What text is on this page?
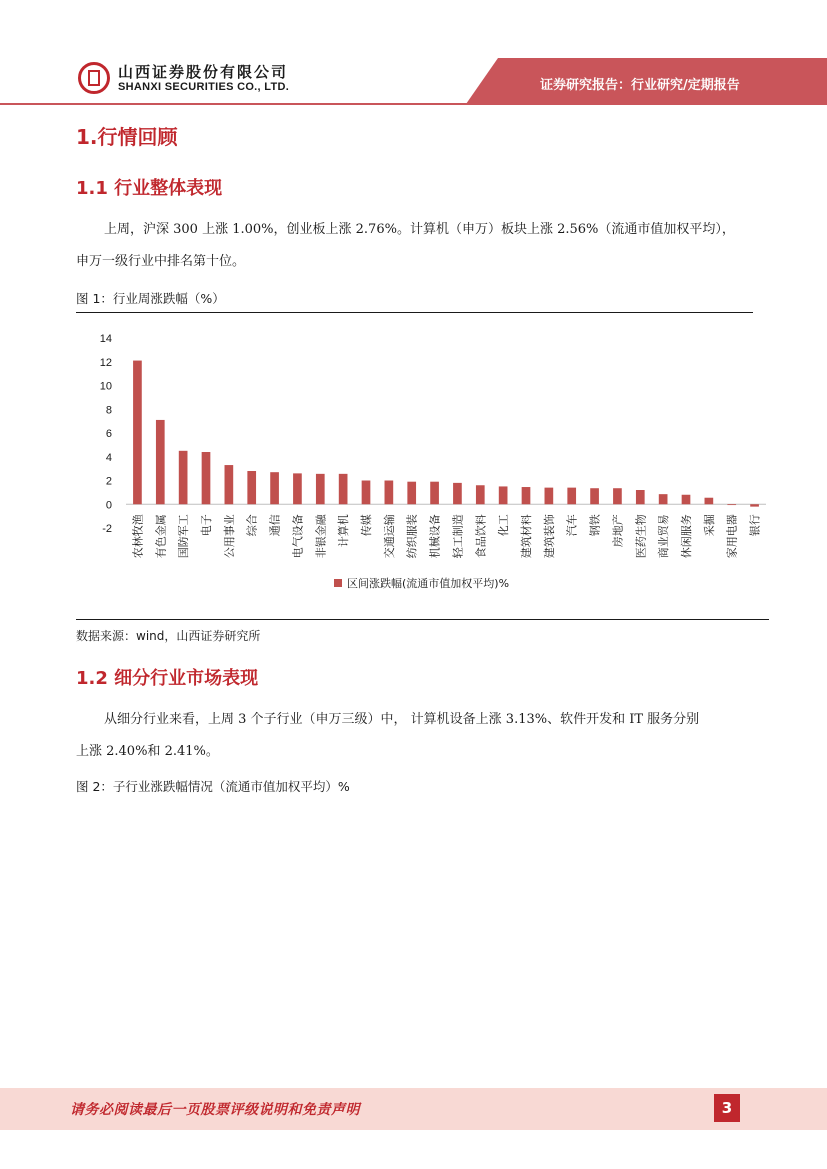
山西证券股份有限公司
SHANXI SECURITIES CO., LTD.	证券研究报告：行业研究/定期报告
1.行情回顾
1.1 行业整体表现
上周，沪深 300 上涨 1.00%，创业板上涨 2.76%。计算机（申万）板块上涨 2.56%（流通市值加权平均），
申万一级行业中排名第十位。
图 1：行业周涨跌幅（%）
14
12
10
8
6
4
2
0
-2 农林牧渔 有色金属 国防军工 电子 公用事业 综合 通信 电气设备 非银金融 计算机 传媒 交通运输 纺织服装 机械设备 轻工制造 食品饮料 化工 建筑材料 建筑装饰 汽车 钢铁 房地产 医药生物 商业贸易 休闲服务 采掘 家用电器 银行
区间涨跌幅(流通市值加权平均)%
数据来源：wind，山西证券研究所
1.2 细分行业市场表现
从细分行业来看，上周 3 个子行业（申万三级）中， 计算机设备上涨 3.13%、软件开发和 IT 服务分别
上涨 2.40%和 2.41%。
图 2：子行业涨跌幅情况（流通市值加权平均）%
请务必阅读最后一页股票评级说明和免责声明	3
